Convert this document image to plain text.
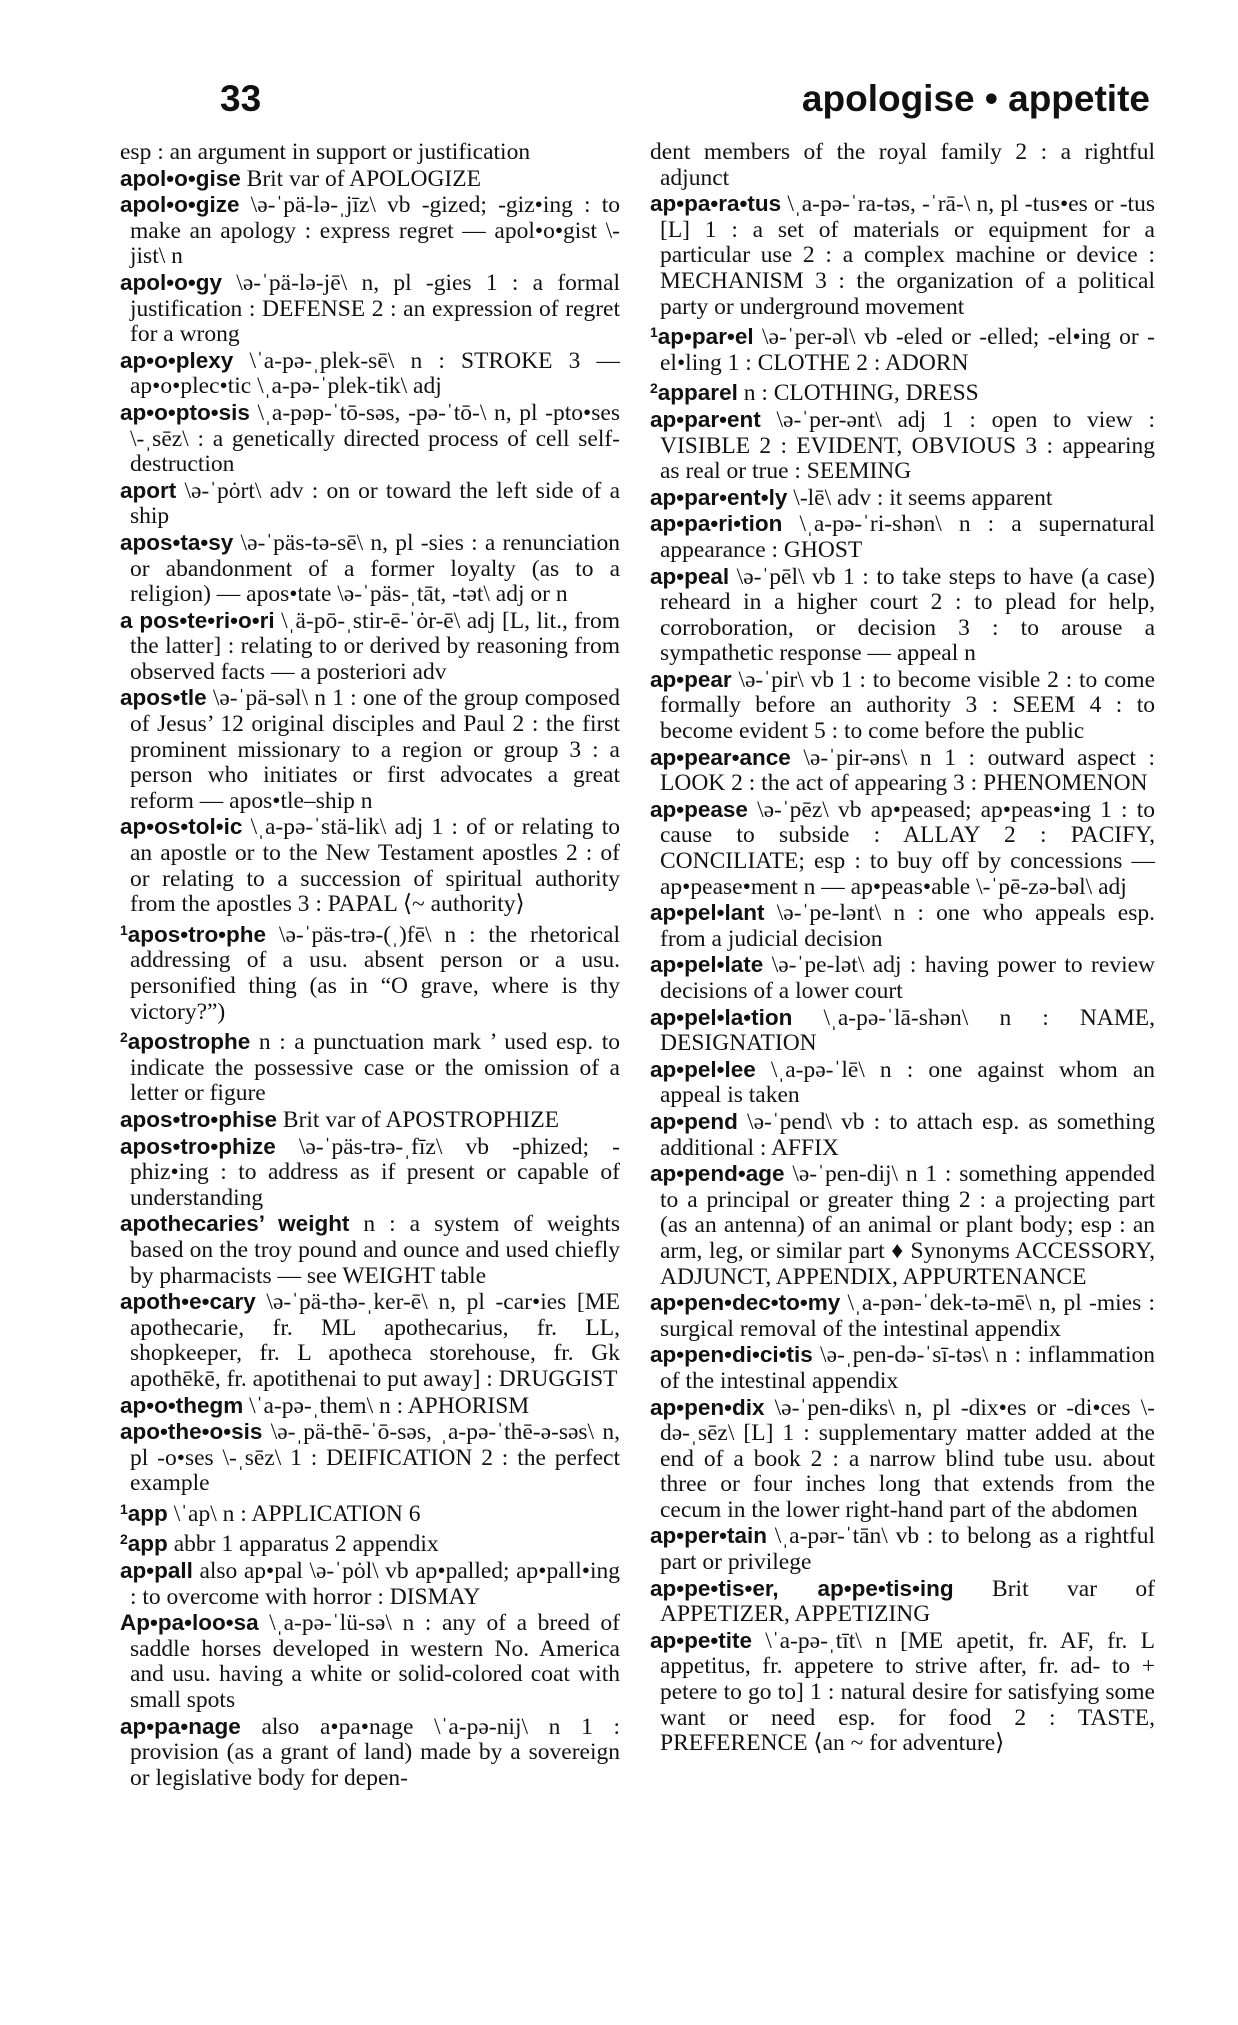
33	apologise • appetite

esp : an argument in support or justification

apol•o•gise Brit var of APOLOGIZE

apol•o•gize \ə-ˈpä-lə-ˌjīz\ vb -gized; -giz•ing : to make an apology : express regret — apol•o•gist \-jist\ n

apol•o•gy \ə-ˈpä-lə-jē\ n, pl -gies 1 : a formal justification : DEFENSE 2 : an expression of regret for a wrong

ap•o•plexy \ˈa-pə-ˌplek-sē\ n : STROKE 3 — ap•o•plec•tic \ˌa-pə-ˈplek-tik\ adj

ap•o•pto•sis \ˌa-pəp-ˈtō-səs, -pə-ˈtō-\ n, pl -pto•ses \-ˌsēz\ : a genetically directed process of cell self-destruction

aport \ə-ˈpȯrt\ adv : on or toward the left side of a ship

apos•ta•sy \ə-ˈpäs-tə-sē\ n, pl -sies : a renunciation or abandonment of a former loyalty (as to a religion) — apos•tate \ə-ˈpäs-ˌtāt, -tət\ adj or n

a pos•te•ri•o•ri \ˌä-pō-ˌstir-ē-ˈȯr-ē\ adj [L, lit., from the latter] : relating to or derived by reasoning from observed facts — a posteriori adv

apos•tle \ə-ˈpä-səl\ n 1 : one of the group composed of Jesus’ 12 original disciples and Paul 2 : the first prominent missionary to a region or group 3 : a person who initiates or first advocates a great reform — apos•tle–ship n

ap•os•tol•ic \ˌa-pə-ˈstä-lik\ adj 1 : of or relating to an apostle or to the New Testament apostles 2 : of or relating to a succession of spiritual authority from the apostles 3 : PAPAL ⟨~ authority⟩

$^1$apos•tro•phe \ə-ˈpäs-trə-(ˌ)fē\ n : the rhetorical addressing of a usu. absent person or a usu. personified thing (as in “O grave, where is thy victory?”)

$^2$apostrophe n : a punctuation mark ’ used esp. to indicate the possessive case or the omission of a letter or figure

apos•tro•phise Brit var of APOSTROPHIZE

apos•tro•phize \ə-ˈpäs-trə-ˌfīz\ vb -phized; -phiz•ing : to address as if present or capable of understanding

apothecaries’ weight n : a system of weights based on the troy pound and ounce and used chiefly by pharmacists — see WEIGHT table

apoth•e•cary \ə-ˈpä-thə-ˌker-ē\ n, pl -car•ies [ME apothecarie, fr. ML apothecarius, fr. LL, shopkeeper, fr. L apotheca storehouse, fr. Gk apothēkē, fr. apotithenai to put away] : DRUGGIST

ap•o•thegm \ˈa-pə-ˌthem\ n : APHORISM

apo•the•o•sis \ə-ˌpä-thē-ˈō-səs, ˌa-pə-ˈthē-ə-səs\ n, pl -o•ses \-ˌsēz\ 1 : DEIFICATION 2 : the perfect example

$^1$app \ˈap\ n : APPLICATION 6

$^2$app abbr 1 apparatus 2 appendix

ap•pall also ap•pal \ə-ˈpȯl\ vb ap•palled; ap•pall•ing : to overcome with horror : DISMAY

Ap•pa•loo•sa \ˌa-pə-ˈlü-sə\ n : any of a breed of saddle horses developed in western No. America and usu. having a white or solid-colored coat with small spots

ap•pa•nage also a•pa•nage \ˈa-pə-nij\ n 1 : provision (as a grant of land) made by a sovereign or legislative body for depen-

dent members of the royal family 2 : a rightful adjunct

ap•pa•ra•tus \ˌa-pə-ˈra-təs, -ˈrā-\ n, pl -tus•es or -tus [L] 1 : a set of materials or equipment for a particular use 2 : a complex machine or device : MECHANISM 3 : the organization of a political party or underground movement

$^1$ap•par•el \ə-ˈper-əl\ vb -eled or -elled; -el•ing or -el•ling 1 : CLOTHE 2 : ADORN

$^2$apparel n : CLOTHING, DRESS

ap•par•ent \ə-ˈper-ənt\ adj 1 : open to view : VISIBLE 2 : EVIDENT, OBVIOUS 3 : appearing as real or true : SEEMING

ap•par•ent•ly \-lē\ adv : it seems apparent

ap•pa•ri•tion \ˌa-pə-ˈri-shən\ n : a supernatural appearance : GHOST

ap•peal \ə-ˈpēl\ vb 1 : to take steps to have (a case) reheard in a higher court 2 : to plead for help, corroboration, or decision 3 : to arouse a sympathetic response — appeal n

ap•pear \ə-ˈpir\ vb 1 : to become visible 2 : to come formally before an authority 3 : SEEM 4 : to become evident 5 : to come before the public

ap•pear•ance \ə-ˈpir-əns\ n 1 : outward aspect : LOOK 2 : the act of appearing 3 : PHENOMENON

ap•pease \ə-ˈpēz\ vb ap•peased; ap•peas•ing 1 : to cause to subside : ALLAY 2 : PACIFY, CONCILIATE; esp : to buy off by concessions — ap•pease•ment n — ap•peas•able \-ˈpē-zə-bəl\ adj

ap•pel•lant \ə-ˈpe-lənt\ n : one who appeals esp. from a judicial decision

ap•pel•late \ə-ˈpe-lət\ adj : having power to review decisions of a lower court

ap•pel•la•tion \ˌa-pə-ˈlā-shən\ n : NAME, DESIGNATION

ap•pel•lee \ˌa-pə-ˈlē\ n : one against whom an appeal is taken

ap•pend \ə-ˈpend\ vb : to attach esp. as something additional : AFFIX

ap•pend•age \ə-ˈpen-dij\ n 1 : something appended to a principal or greater thing 2 : a projecting part (as an antenna) of an animal or plant body; esp : an arm, leg, or similar part ♦ Synonyms ACCESSORY, ADJUNCT, APPENDIX, APPURTENANCE

ap•pen•dec•to•my \ˌa-pən-ˈdek-tə-mē\ n, pl -mies : surgical removal of the intestinal appendix

ap•pen•di•ci•tis \ə-ˌpen-də-ˈsī-təs\ n : inflammation of the intestinal appendix

ap•pen•dix \ə-ˈpen-diks\ n, pl -dix•es or -di•ces \-də-ˌsēz\ [L] 1 : supplementary matter added at the end of a book 2 : a narrow blind tube usu. about three or four inches long that extends from the cecum in the lower right-hand part of the abdomen

ap•per•tain \ˌa-pər-ˈtān\ vb : to belong as a rightful part or privilege

ap•pe•tis•er, ap•pe•tis•ing Brit var of APPETIZER, APPETIZING

ap•pe•tite \ˈa-pə-ˌtīt\ n [ME apetit, fr. AF, fr. L appetitus, fr. appetere to strive after, fr. ad- to + petere to go to] 1 : natural desire for satisfying some want or need esp. for food 2 : TASTE, PREFERENCE ⟨an ~ for adventure⟩
